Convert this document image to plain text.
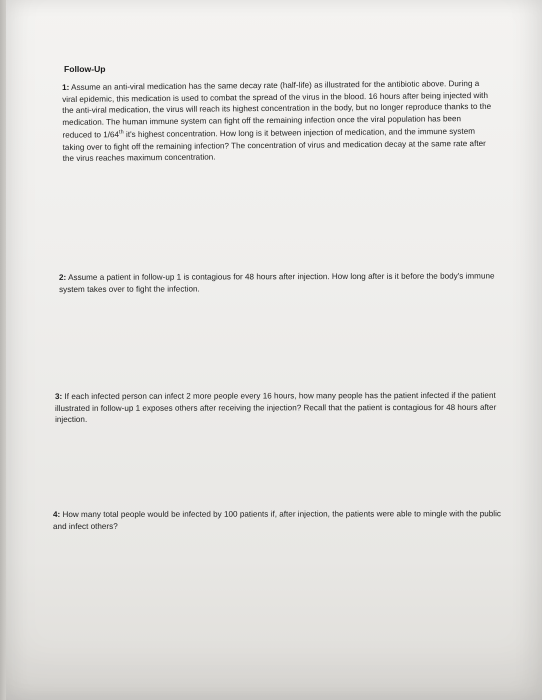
Follow-Up
1: Assume an anti-viral medication has the same decay rate (half-life) as illustrated for the antibiotic above. During a viral epidemic, this medication is used to combat the spread of the virus in the blood. 16 hours after being injected with the anti-viral medication, the virus will reach its highest concentration in the body, but no longer reproduce thanks to the medication. The human immune system can fight off the remaining infection once the viral population has been reduced to 1/64th it's highest concentration. How long is it between injection of medication, and the immune system taking over to fight off the remaining infection? The concentration of virus and medication decay at the same rate after the virus reaches maximum concentration.
2: Assume a patient in follow-up 1 is contagious for 48 hours after injection. How long after is it before the body's immune system takes over to fight the infection.
3: If each infected person can infect 2 more people every 16 hours, how many people has the patient infected if the patient illustrated in follow-up 1 exposes others after receiving the injection? Recall that the patient is contagious for 48 hours after injection.
4: How many total people would be infected by 100 patients if, after injection, the patients were able to mingle with the public and infect others?
